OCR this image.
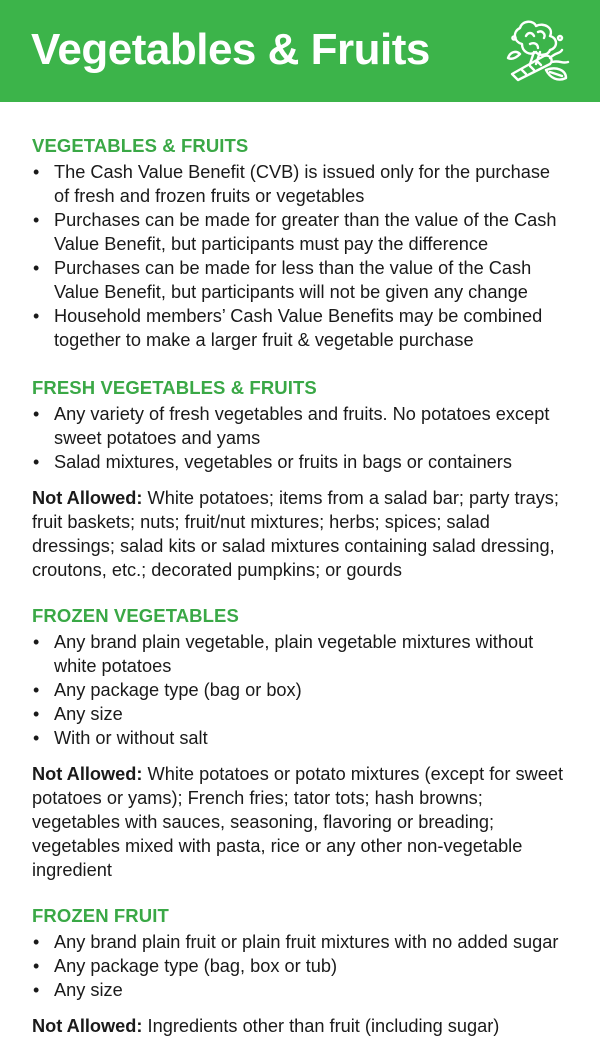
Vegetables & Fruits
VEGETABLES & FRUITS
• The Cash Value Benefit (CVB) is issued only for the purchase of fresh and frozen fruits or vegetables
• Purchases can be made for greater than the value of the Cash Value Benefit, but participants must pay the difference
• Purchases can be made for less than the value of the Cash Value Benefit, but participants will not be given any change
• Household members’ Cash Value Benefits may be combined together to make a larger fruit & vegetable purchase
FRESH VEGETABLES & FRUITS
• Any variety of fresh vegetables and fruits. No potatoes except sweet potatoes and yams
• Salad mixtures, vegetables or fruits in bags or containers

Not Allowed: White potatoes; items from a salad bar; party trays; fruit baskets; nuts; fruit/nut mixtures; herbs; spices; salad dressings; salad kits or salad mixtures containing salad dressing, croutons, etc.; decorated pumpkins; or gourds

FROZEN VEGETABLES
• Any brand plain vegetable, plain vegetable mixtures without white potatoes
• Any package type (bag or box)
• Any size
• With or without salt

Not Allowed: White potatoes or potato mixtures (except for sweet potatoes or yams); French fries; tator tots; hash browns; vegetables with sauces, seasoning, flavoring or breading; vegetables mixed with pasta, rice or any other non-vegetable ingredient

FROZEN FRUIT
• Any brand plain fruit or plain fruit mixtures with no added sugar
• Any package type (bag, box or tub)
• Any size

Not Allowed: Ingredients other than fruit (including sugar)
